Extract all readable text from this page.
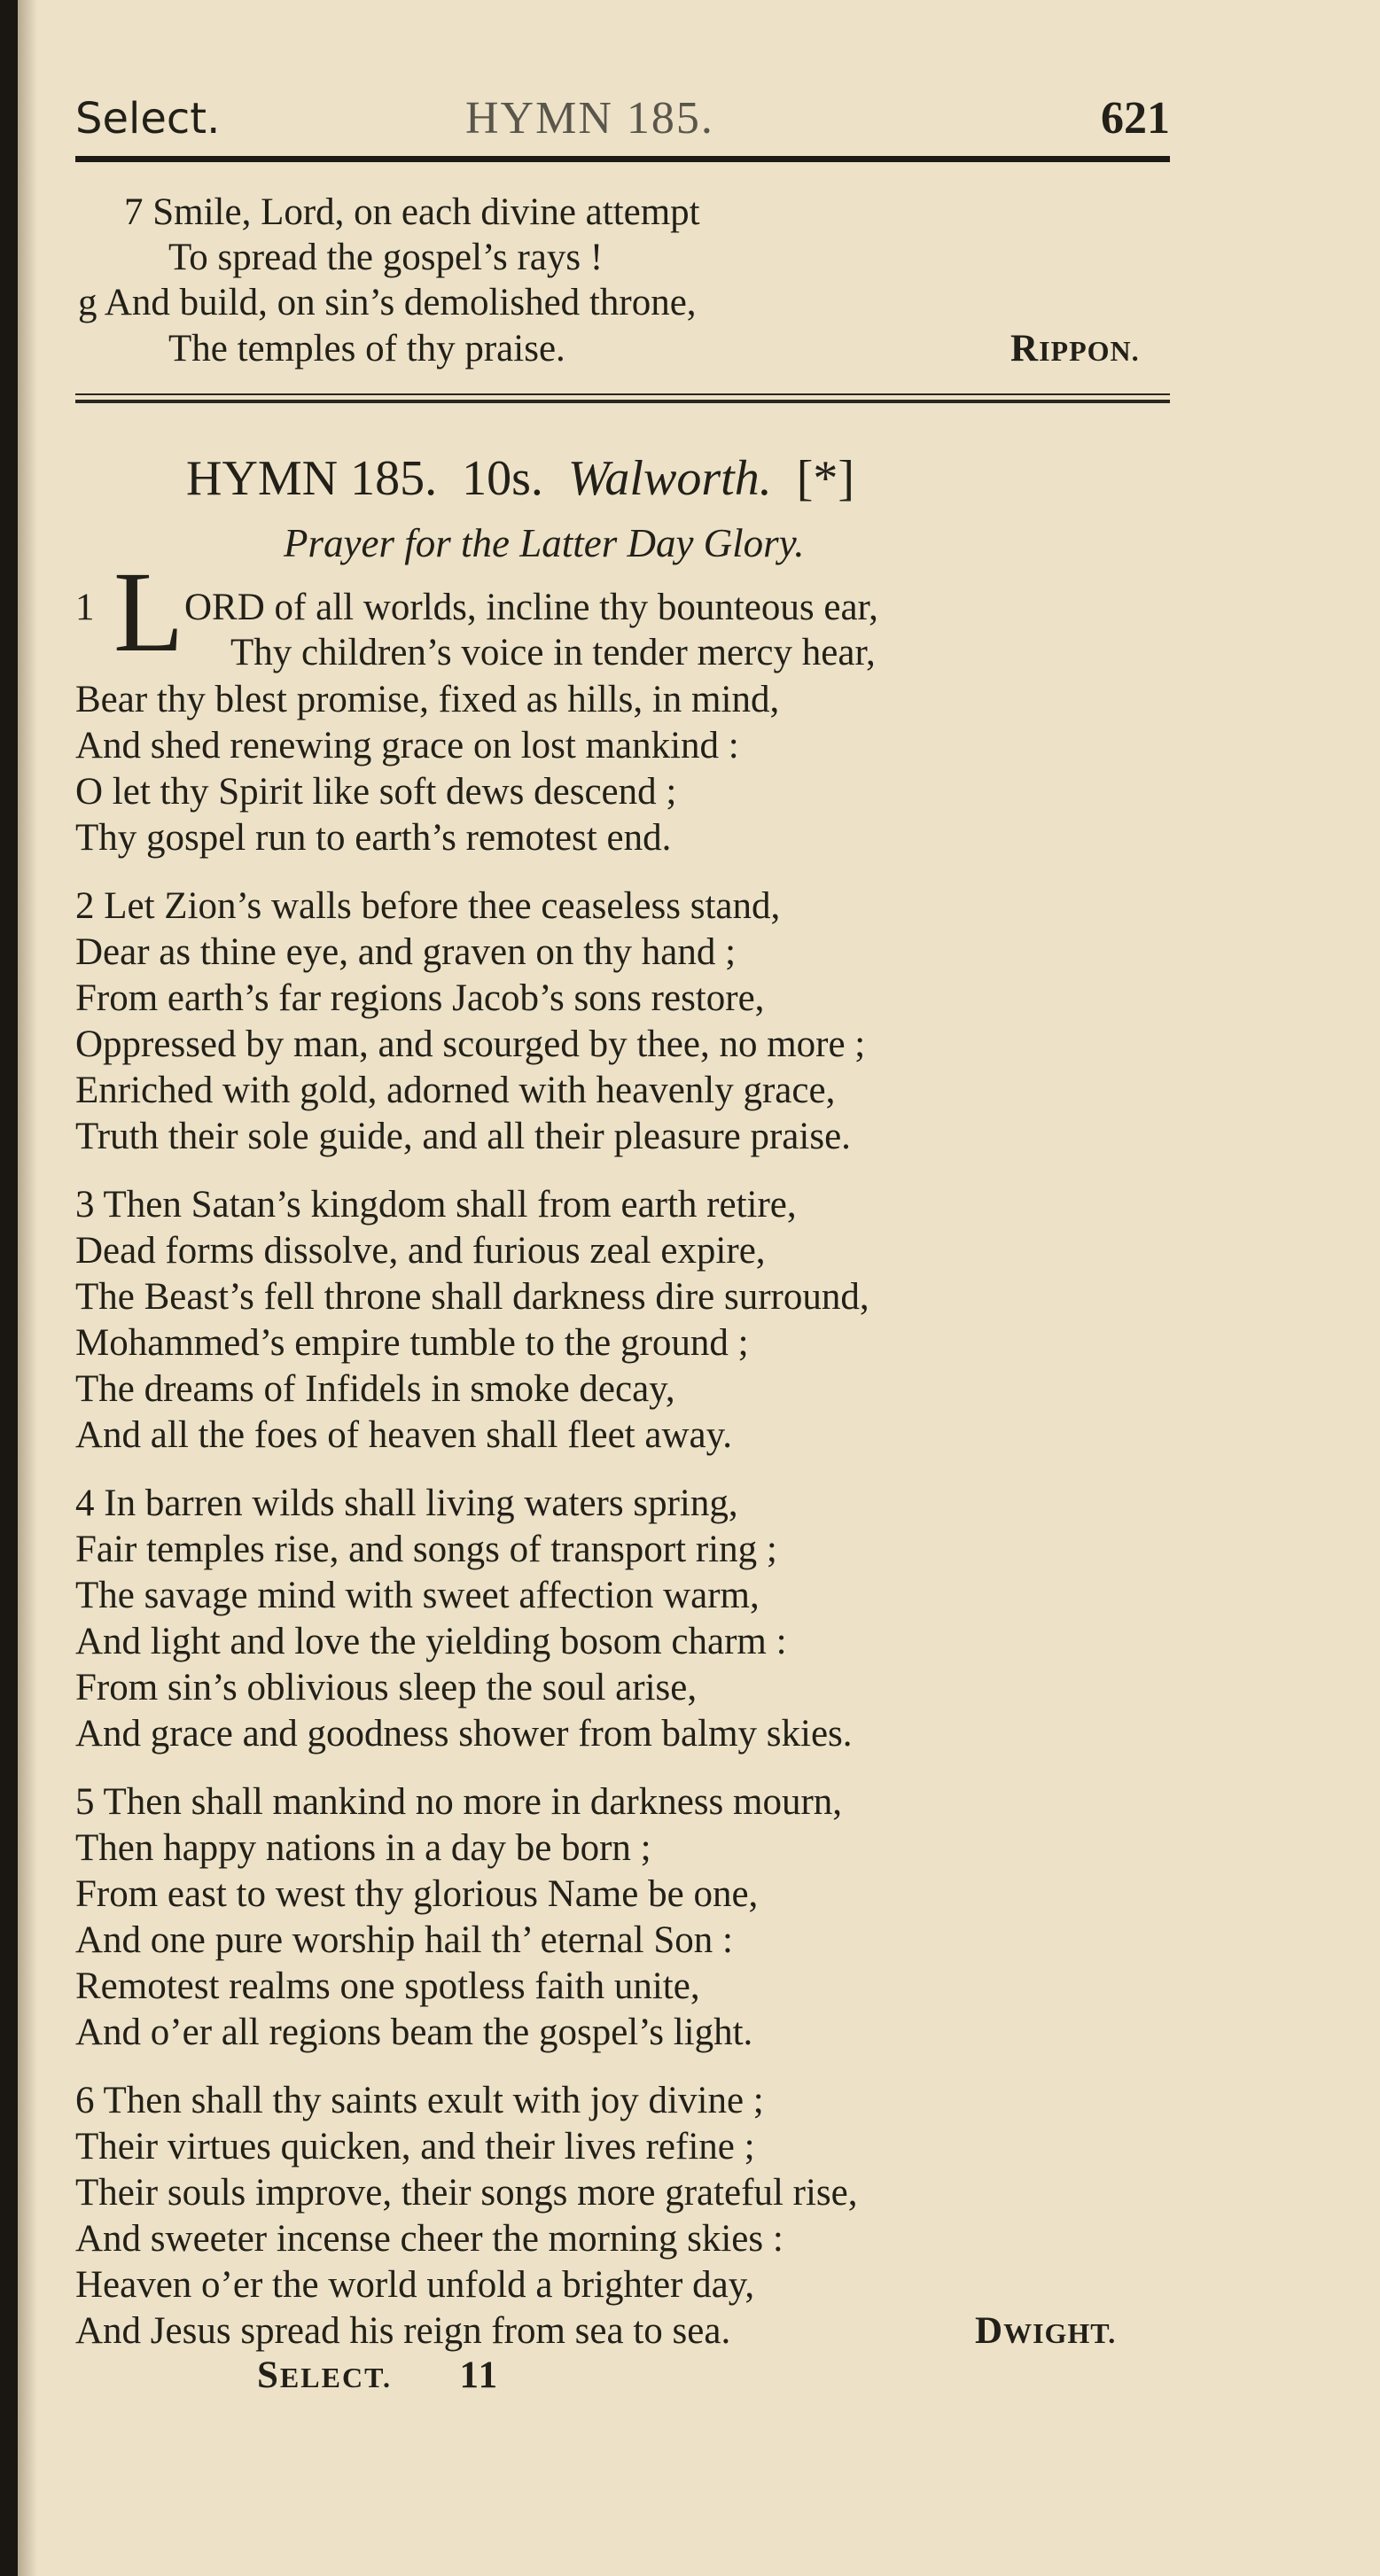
Select.	HYMN 185.	621
7 Smile, Lord, on each divine attempt
To spread the gospel’s rays !
g And build, on sin’s demolished throne,
The temples of thy praise.	RIPPON.
HYMN 185. 10s. Walworth. [*]
Prayer for the Latter Day Glory.
1 L ORD of all worlds, incline thy bounteous ear,
Thy children’s voice in tender mercy hear,
Bear thy blest promise, fixed as hills, in mind,
And shed renewing grace on lost mankind :
O let thy Spirit like soft dews descend ;
Thy gospel run to earth’s remotest end.
2 Let Zion’s walls before thee ceaseless stand,
Dear as thine eye, and graven on thy hand ;
From earth’s far regions Jacob’s sons restore,
Oppressed by man, and scourged by thee, no more ;
Enriched with gold, adorned with heavenly grace,
Truth their sole guide, and all their pleasure praise.
3 Then Satan’s kingdom shall from earth retire,
Dead forms dissolve, and furious zeal expire,
The Beast’s fell throne shall darkness dire surround,
Mohammed’s empire tumble to the ground ;
The dreams of Infidels in smoke decay,
And all the foes of heaven shall fleet away.
4 In barren wilds shall living waters spring,
Fair temples rise, and songs of transport ring ;
The savage mind with sweet affection warm,
And light and love the yielding bosom charm :
From sin’s oblivious sleep the soul arise,
And grace and goodness shower from balmy skies.
5 Then shall mankind no more in darkness mourn,
Then happy nations in a day be born ;
From east to west thy glorious Name be one,
And one pure worship hail th’ eternal Son :
Remotest realms one spotless faith unite,
And o’er all regions beam the gospel’s light.
6 Then shall thy saints exult with joy divine ;
Their virtues quicken, and their lives refine ;
Their souls improve, their songs more grateful rise,
And sweeter incense cheer the morning skies :
Heaven o’er the world unfold a brighter day,
And Jesus spread his reign from sea to sea.	DWIGHT.
SELECT. 11
